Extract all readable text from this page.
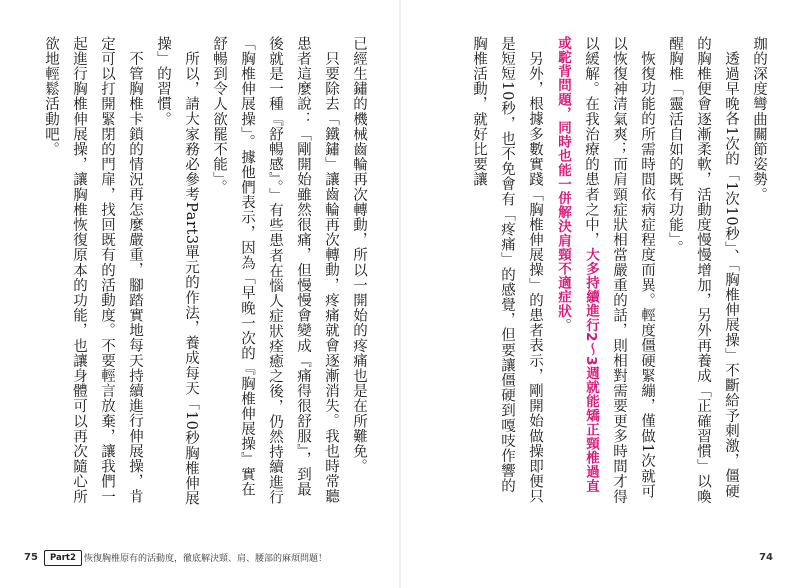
珈的深度彎曲關節姿勢。
透過早晚各1次的「1次10秒」、「胸椎伸展操」不斷給予刺激，僵硬的胸椎便會逐漸柔軟，活動度慢慢增加，另外再養成「正確習慣」以喚醒胸椎「靈活自如的既有功能」。
恢復功能的所需時間依病症程度而異。輕度僵硬緊繃，僅做1次就可以恢復神清氣爽；而肩頸症狀相當嚴重的話，則相對需要更多時間才得以緩解。在我治療的患者之中，大多持續進行2〜3週就能矯正頸椎過直或駝背問題，同時也能一併解決肩頸不適症狀。
另外，根據多數實踐「胸椎伸展操」的患者表示，剛開始做操即便只是短短10秒，也不免會有「疼痛」的感覺，但要讓僵硬到嘎吱作響的胸椎活動，就好比要讓
已經生鏽的機械齒輪再次轉動，所以一開始的疼痛也是在所難免。
只要除去「鐵鏽」讓齒輪再次轉動，疼痛就會逐漸消失。我也時常聽患者這麼說：「剛開始雖然很痛，但慢慢會變成『痛得很舒服』，到最後就是一種『舒暢感』。」有些患者在惱人症狀痊癒之後，仍然持續進行「胸椎伸展操」。據他們表示，因為「早晚一次的『胸椎伸展操』實在舒暢到令人欲罷不能」。
所以，請大家務必參考Part3單元的作法，養成每天「10秒胸椎伸展操」的習慣。
不管胸椎卡鎖的情況再怎麼嚴重，腳踏實地每天持續進行伸展操，肯定可以打開緊閉的門扉，找回既有的活動度。不要輕言放棄，讓我們一起進行胸椎伸展操，讓胸椎恢復原本的功能，也讓身體可以再次隨心所欲地輕鬆活動吧。
75	Part2 恢復胸椎原有的活動度，徹底解決頸、肩、腰部的麻煩問題！	74
